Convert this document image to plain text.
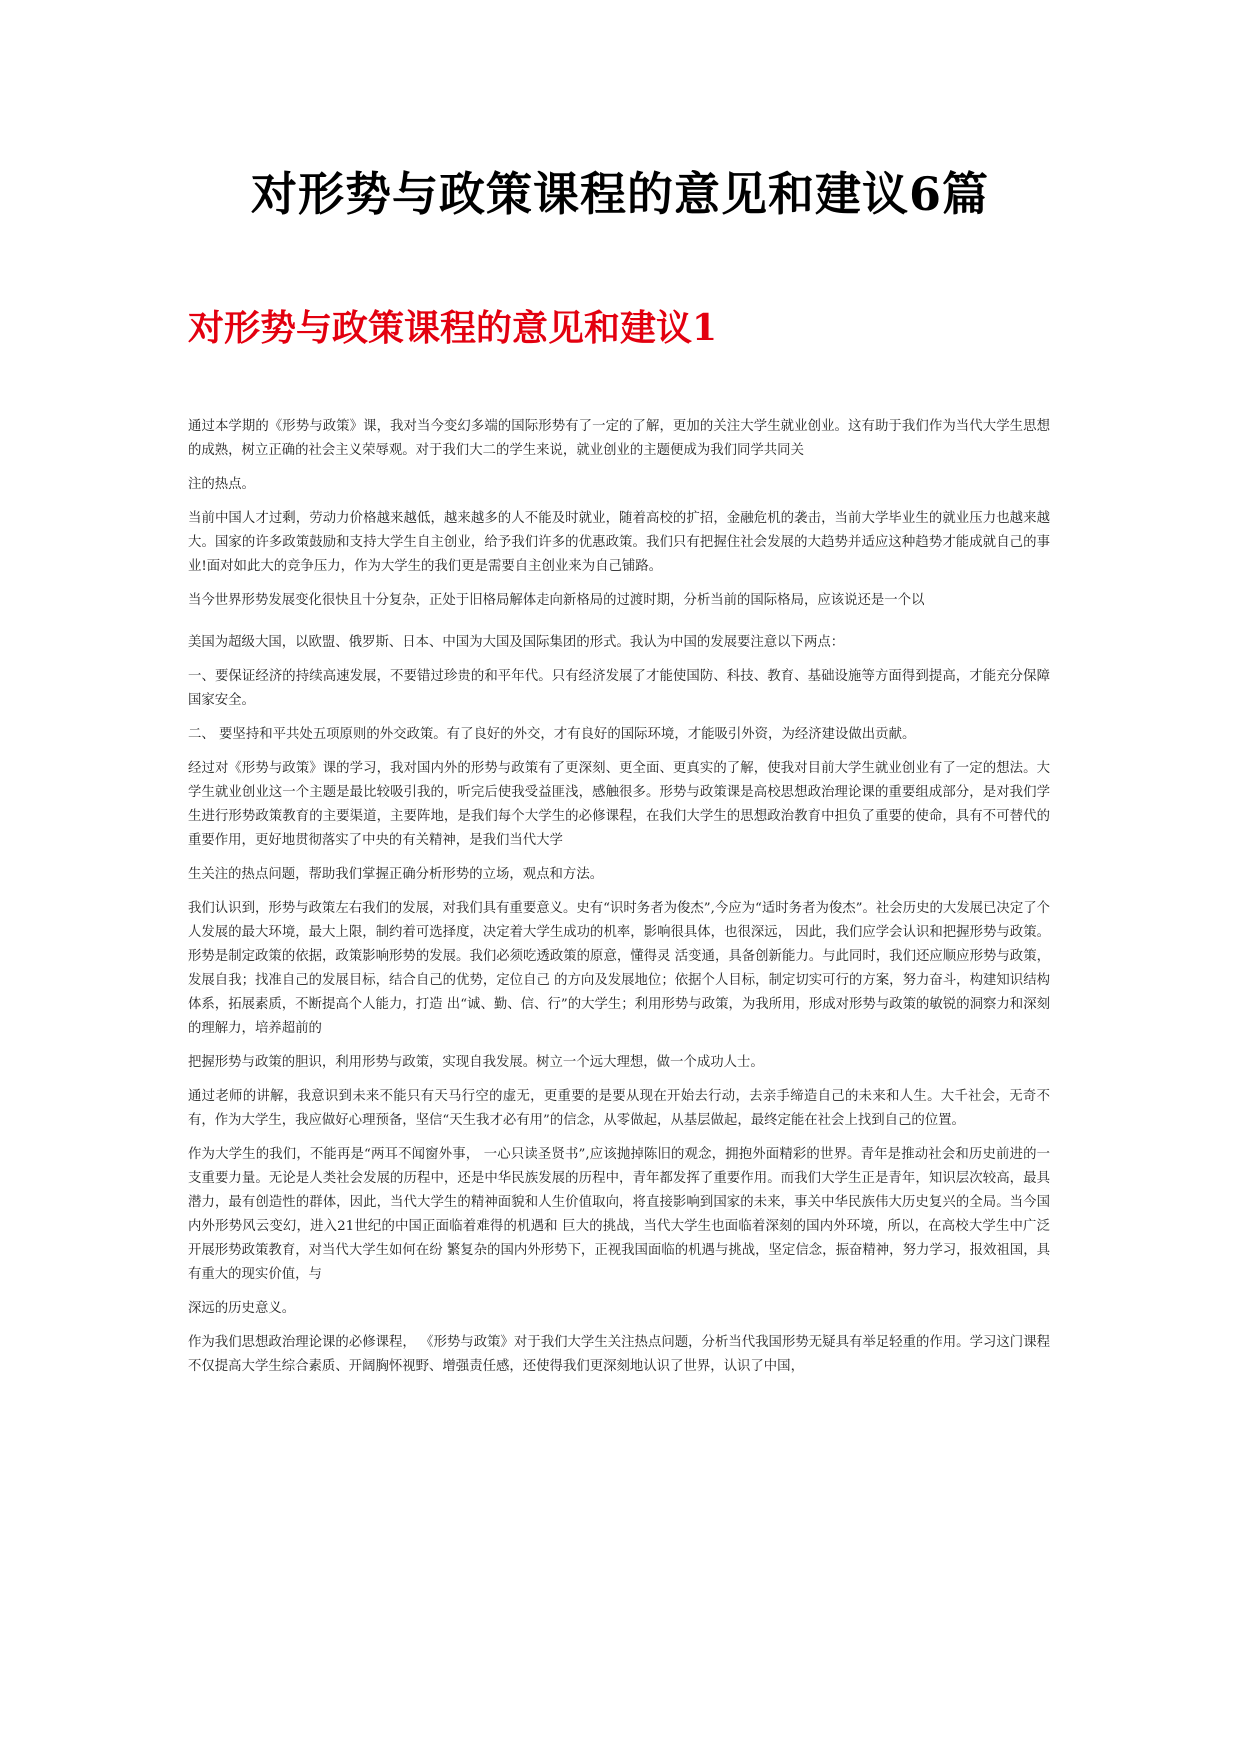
对形势与政策课程的意见和建议6篇
对形势与政策课程的意见和建议1

通过本学期的《形势与政策》课，我对当今变幻多端的国际形势有了一定的了解，更加的关注大学生就业创业。这有助于我们作为当代大学生思想的成熟，树立正确的社会主义荣辱观。对于我们大二的学生来说，就业创业的主题便成为我们同学共同关

注的热点。

当前中国人才过剩，劳动力价格越来越低，越来越多的人不能及时就业，随着高校的扩招，金融危机的袭击，当前大学毕业生的就业压力也越来越大。国家的许多政策鼓励和支持大学生自主创业，给予我们许多的优惠政策。我们只有把握住社会发展的大趋势并适应这种趋势才能成就自己的事业!面对如此大的竞争压力，作为大学生的我们更是需要自主创业来为自己铺路。

当今世界形势发展变化很快且十分复杂，正处于旧格局解体走向新格局的过渡时期，分析当前的国际格局，应该说还是一个以

美国为超级大国，以欧盟、俄罗斯、日本、中国为大国及国际集团的形式。我认为中国的发展要注意以下两点：

一、要保证经济的持续高速发展，不要错过珍贵的和平年代。只有经济发展了才能使国防、科技、教育、基础设施等方面得到提高，才能充分保障国家安全。

二、 要坚持和平共处五项原则的外交政策。有了良好的外交，才有良好的国际环境，才能吸引外资，为经济建设做出贡献。

经过对《形势与政策》课的学习，我对国内外的形势与政策有了更深刻、更全面、更真实的了解，使我对目前大学生就业创业有了一定的想法。大学生就业创业这一个主题是最比较吸引我的，听完后使我受益匪浅，感触很多。形势与政策课是高校思想政治理论课的重要组成部分，是对我们学生进行形势政策教育的主要渠道，主要阵地，是我们每个大学生的必修课程，在我们大学生的思想政治教育中担负了重要的使命，具有不可替代的重要作用，更好地贯彻落实了中央的有关精神，是我们当代大学

生关注的热点问题，帮助我们掌握正确分析形势的立场，观点和方法。

我们认识到，形势与政策左右我们的发展，对我们具有重要意义。史有“识时务者为俊杰”,今应为“适时务者为俊杰”。社会历史的大发展已决定了个人发展的最大环境，最大上限，制约着可选择度，决定着大学生成功的机率，影响很具体，也很深远， 因此，我们应学会认识和把握形势与政策。形势是制定政策的依据，政策影响形势的发展。我们必须吃透政策的原意，懂得灵 活变通，具备创新能力。与此同时，我们还应顺应形势与政策，发展自我；找准自己的发展目标，结合自己的优势，定位自己 的方向及发展地位；依据个人目标，制定切实可行的方案，努力奋斗，构建知识结构体系，拓展素质，不断提高个人能力，打造 出“诚、勤、信、行”的大学生；利用形势与政策，为我所用，形成对形势与政策的敏锐的洞察力和深刻的理解力，培养超前的

把握形势与政策的胆识，利用形势与政策，实现自我发展。树立一个远大理想，做一个成功人士。

通过老师的讲解，我意识到未来不能只有天马行空的虚无，更重要的是要从现在开始去行动，去亲手缔造自己的未来和人生。大千社会，无奇不有，作为大学生，我应做好心理预备，坚信“天生我才必有用”的信念，从零做起，从基层做起，最终定能在社会上找到自己的位置。

作为大学生的我们，不能再是“两耳不闻窗外事， 一心只读圣贤书”,应该抛掉陈旧的观念，拥抱外面精彩的世界。青年是推动社会和历史前进的一支重要力量。无论是人类社会发展的历程中，还是中华民族发展的历程中，青年都发挥了重要作用。而我们大学生正是青年，知识层次较高，最具潜力，最有创造性的群体，因此，当代大学生的精神面貌和人生价值取向，将直接影响到国家的未来，事关中华民族伟大历史复兴的全局。当今国内外形势风云变幻，进入21世纪的中国正面临着难得的机遇和 巨大的挑战，当代大学生也面临着深刻的国内外环境，所以，在高校大学生中广泛开展形势政策教育，对当代大学生如何在纷 繁复杂的国内外形势下，正视我国面临的机遇与挑战，坚定信念，振奋精神，努力学习，报效祖国，具有重大的现实价值，与

深远的历史意义。

作为我们思想政治理论课的必修课程， 《形势与政策》对于我们大学生关注热点问题，分析当代我国形势无疑具有举足轻重的作用。学习这门课程不仅提高大学生综合素质、开阔胸怀视野、增强责任感，还使得我们更深刻地认识了世界，认识了中国，
